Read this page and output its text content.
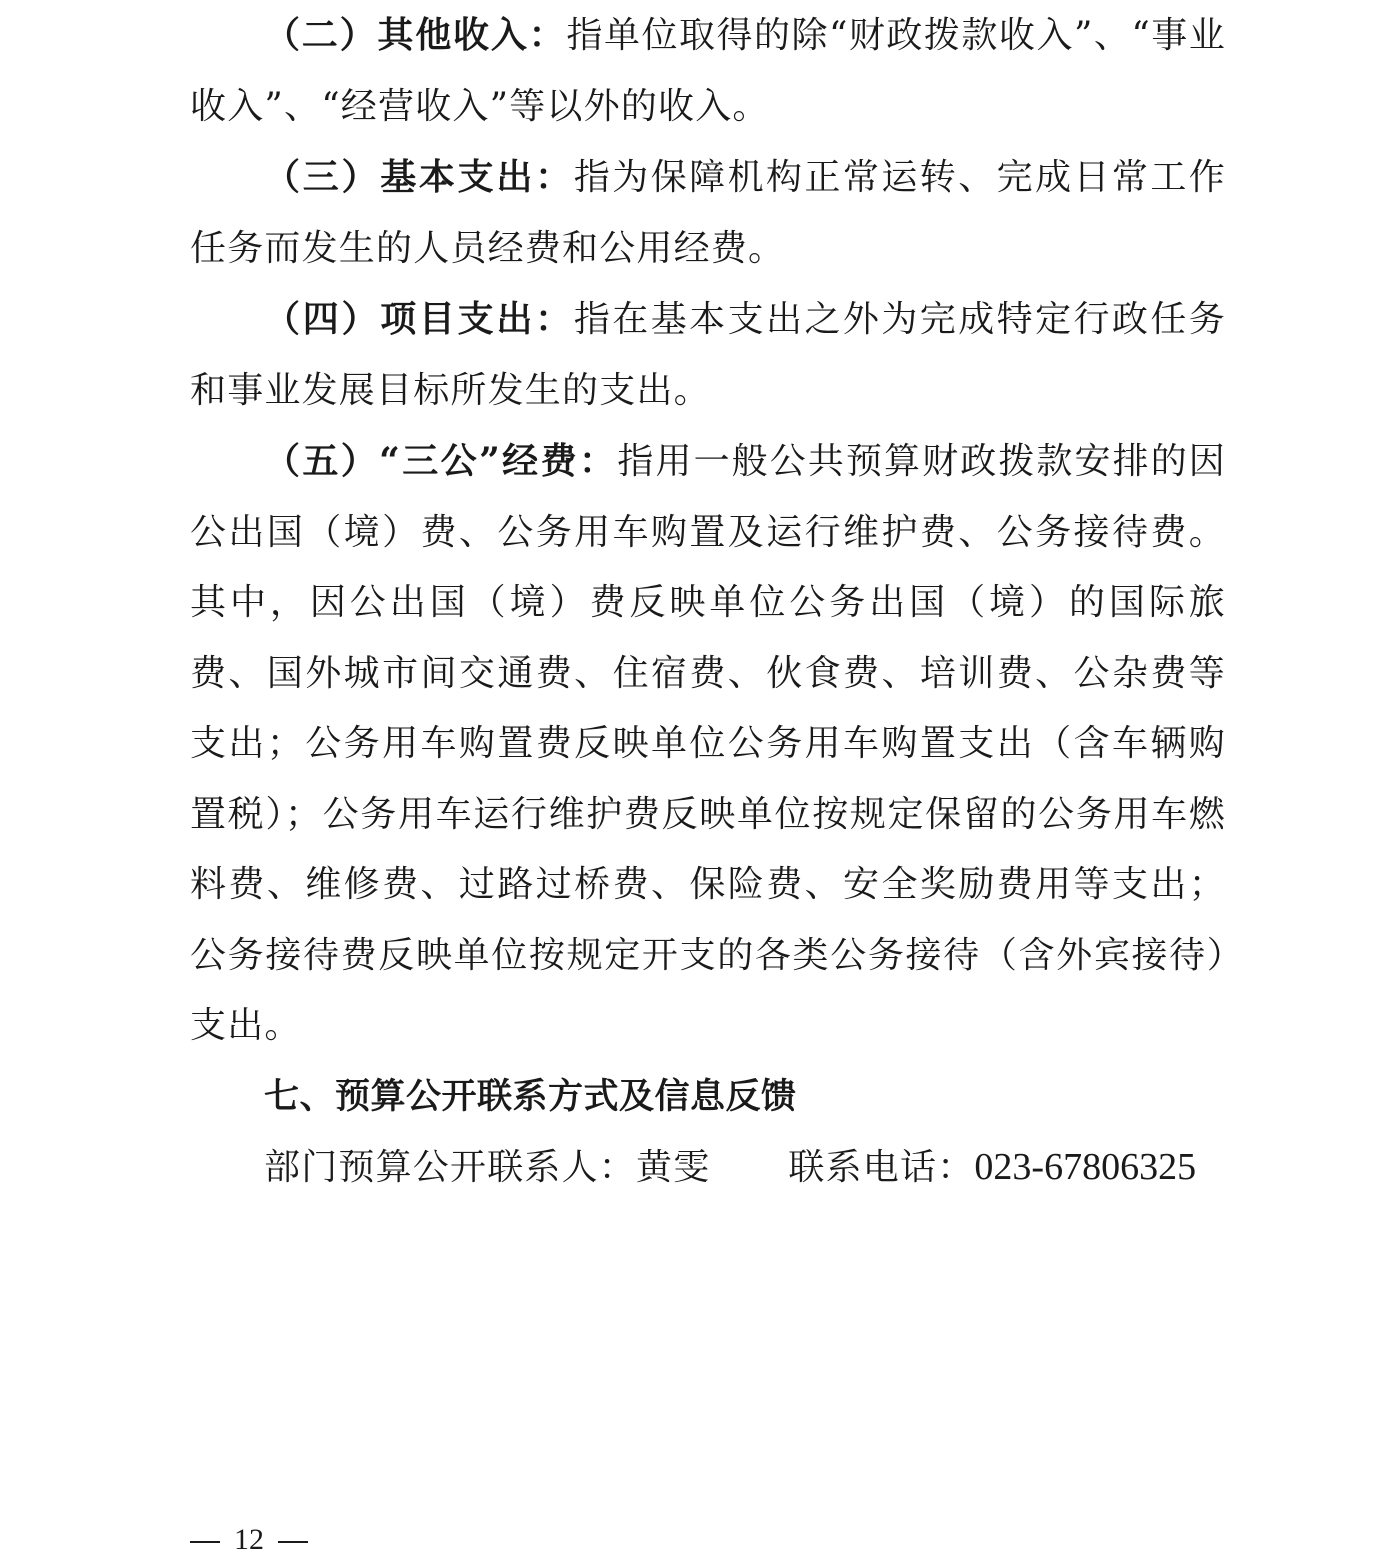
（二）其他收入：指单位取得的除“财政拨款收入”、“事业收入”、“经营收入”等以外的收入。

（三）基本支出：指为保障机构正常运转、完成日常工作任务而发生的人员经费和公用经费。

（四）项目支出：指在基本支出之外为完成特定行政任务和事业发展目标所发生的支出。

（五）“三公”经费：指用一般公共预算财政拨款安排的因公出国（境）费、公务用车购置及运行维护费、公务接待费。其中，因公出国（境）费反映单位公务出国（境）的国际旅费、国外城市间交通费、住宿费、伙食费、培训费、公杂费等支出；公务用车购置费反映单位公务用车购置支出（含车辆购置税）；公务用车运行维护费反映单位按规定保留的公务用车燃料费、维修费、过路过桥费、保险费、安全奖励费用等支出；公务接待费反映单位按规定开支的各类公务接待（含外宾接待）支出。

七、预算公开联系方式及信息反馈

部门预算公开联系人：黄雯 联系电话：023-67806325

12
